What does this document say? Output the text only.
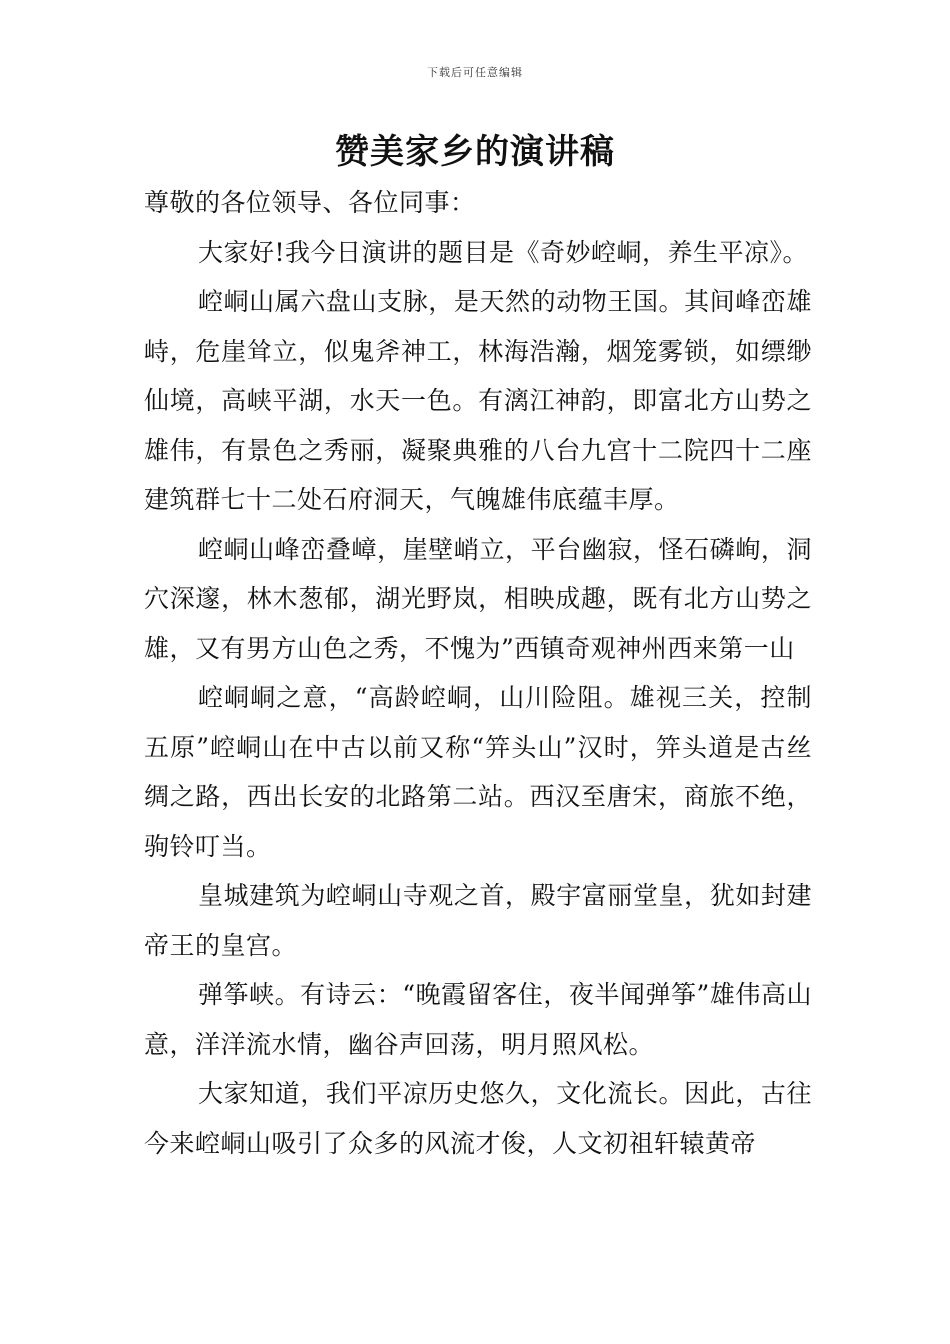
下载后可任意编辑
赞美家乡的演讲稿

尊敬的各位领导、各位同事：

大家好!我今日演讲的题目是《奇妙崆峒，养生平凉》。

崆峒山属六盘山支脉，是天然的动物王国。其间峰峦雄峙，危崖耸立，似鬼斧神工，林海浩瀚，烟笼雾锁，如缥缈仙境，高峡平湖，水天一色。有漓江神韵，即富北方山势之雄伟，有景色之秀丽，凝聚典雅的八台九宫十二院四十二座建筑群七十二处石府洞天，气魄雄伟底蕴丰厚。

崆峒山峰峦叠嶂，崖壁峭立，平台幽寂，怪石磷峋，洞穴深邃，林木葱郁，湖光野岚，相映成趣，既有北方山势之雄，又有男方山色之秀，不愧为”西镇奇观神州西来第一山

崆峒峒之意，“高龄崆峒，山川险阻。雄视三关，控制五原”崆峒山在中古以前又称“笄头山”汉时，笄头道是古丝绸之路，西出长安的北路第二站。西汉至唐宋，商旅不绝，驹铃叮当。

皇城建筑为崆峒山寺观之首，殿宇富丽堂皇，犹如封建帝王的皇宫。

弹筝峡。有诗云：“晚霞留客住，夜半闻弹筝”雄伟高山意，洋洋流水情，幽谷声回荡，明月照风松。

大家知道，我们平凉历史悠久，文化流长。因此，古往今来崆峒山吸引了众多的风流才俊，人文初祖轩辕黄帝
